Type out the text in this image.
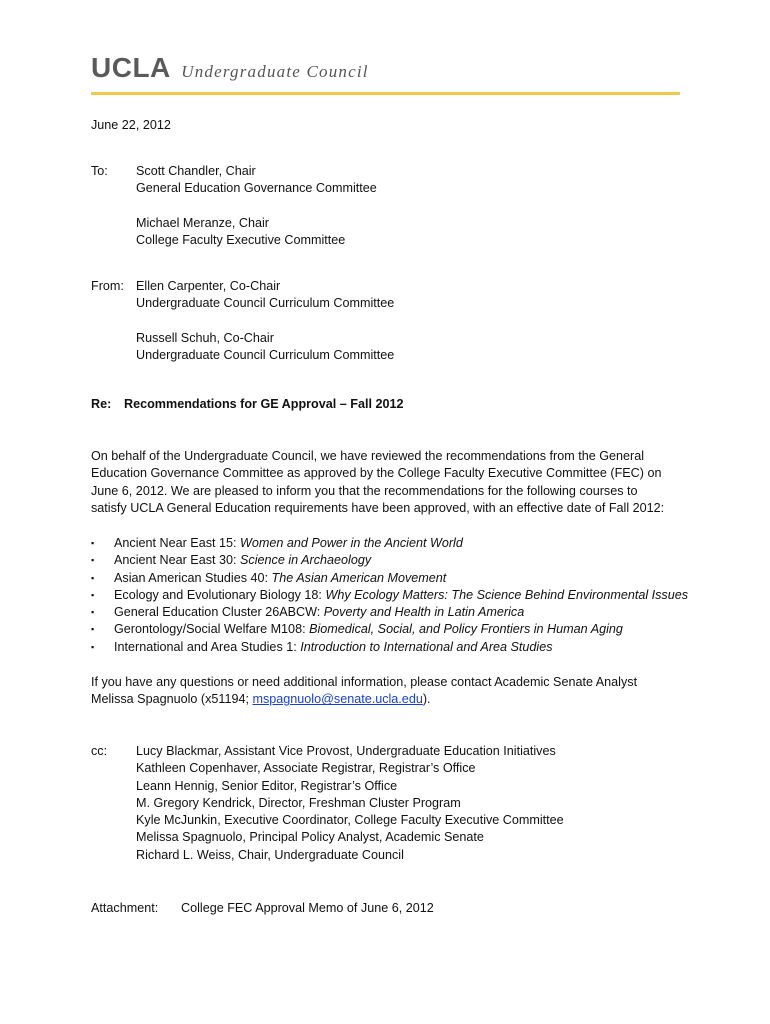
UCLA Undergraduate Council
June 22, 2012
To:	Scott Chandler, Chair
General Education Governance Committee
Michael Meranze, Chair
College Faculty Executive Committee
From: Ellen Carpenter, Co-Chair
Undergraduate Council Curriculum Committee
Russell Schuh, Co-Chair
Undergraduate Council Curriculum Committee
Re: Recommendations for GE Approval – Fall 2012
On behalf of the Undergraduate Council, we have reviewed the recommendations from the General
Education Governance Committee as approved by the College Faculty Executive Committee (FEC) on
June 6, 2012. We are pleased to inform you that the recommendations for the following courses to
satisfy UCLA General Education requirements have been approved, with an effective date of Fall 2012:
▪ Ancient Near East 15: Women and Power in the Ancient World
▪ Ancient Near East 30: Science in Archaeology
▪ Asian American Studies 40: The Asian American Movement
▪ Ecology and Evolutionary Biology 18: Why Ecology Matters: The Science Behind Environmental Issues
▪ General Education Cluster 26ABCW: Poverty and Health in Latin America
▪ Gerontology/Social Welfare M108: Biomedical, Social, and Policy Frontiers in Human Aging
▪ International and Area Studies 1: Introduction to International and Area Studies
If you have any questions or need additional information, please contact Academic Senate Analyst
Melissa Spagnuolo (x51194; mspagnuolo@senate.ucla.edu).
cc: Lucy Blackmar, Assistant Vice Provost, Undergraduate Education Initiatives
Kathleen Copenhaver, Associate Registrar, Registrar’s Office
Leann Hennig, Senior Editor, Registrar’s Office
M. Gregory Kendrick, Director, Freshman Cluster Program
Kyle McJunkin, Executive Coordinator, College Faculty Executive Committee
Melissa Spagnuolo, Principal Policy Analyst, Academic Senate
Richard L. Weiss, Chair, Undergraduate Council
Attachment: College FEC Approval Memo of June 6, 2012
